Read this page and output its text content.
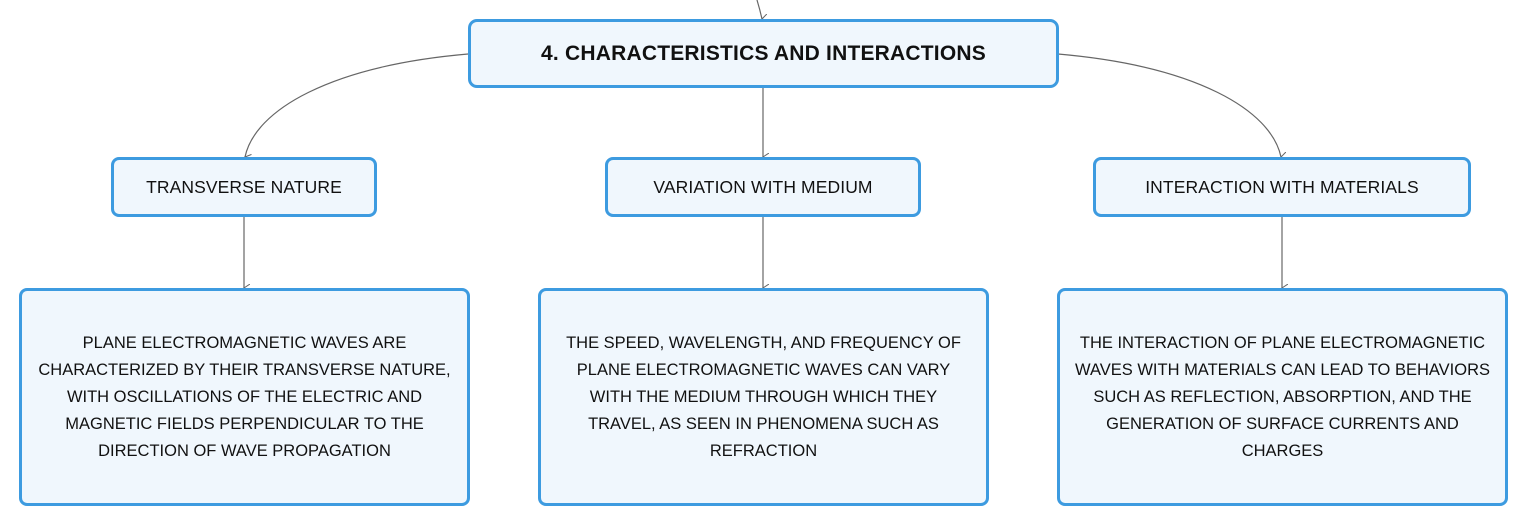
4. CHARACTERISTICS AND INTERACTIONS
TRANSVERSE NATURE	VARIATION WITH MEDIUM	INTERACTION WITH MATERIALS
PLANE ELECTROMAGNETIC WAVES ARE CHARACTERIZED BY THEIR TRANSVERSE NATURE, WITH OSCILLATIONS OF THE ELECTRIC AND MAGNETIC FIELDS PERPENDICULAR TO THE DIRECTION OF WAVE PROPAGATION
THE SPEED, WAVELENGTH, AND FREQUENCY OF PLANE ELECTROMAGNETIC WAVES CAN VARY WITH THE MEDIUM THROUGH WHICH THEY TRAVEL, AS SEEN IN PHENOMENA SUCH AS REFRACTION
THE INTERACTION OF PLANE ELECTROMAGNETIC WAVES WITH MATERIALS CAN LEAD TO BEHAVIORS SUCH AS REFLECTION, ABSORPTION, AND THE GENERATION OF SURFACE CURRENTS AND CHARGES
